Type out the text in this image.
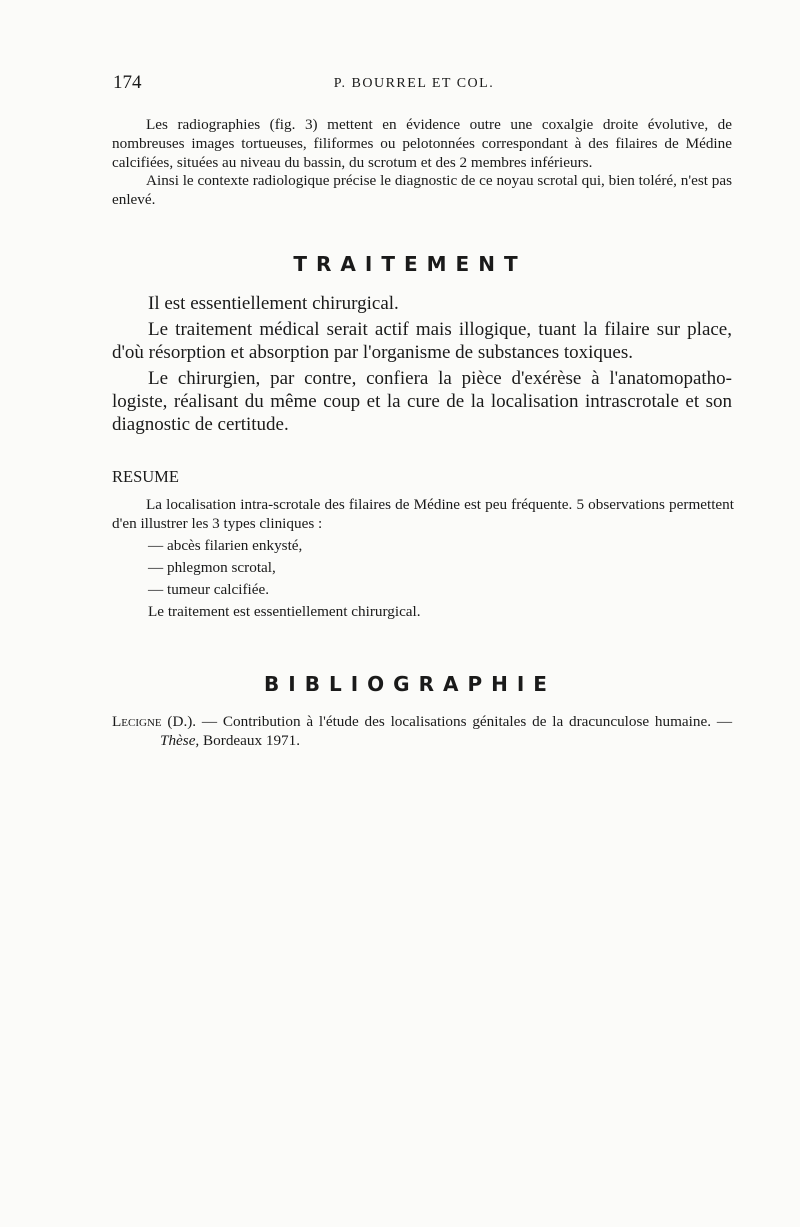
174	P. BOURREL ET COL.

Les radiographies (fig. 3) mettent en évidence outre une coxalgie droite évolutive, de nombreuses images tortueuses, filiformes ou pelotonnées correspondant à des filaires de Médine calcifiées, situées au niveau du bassin, du scrotum et des 2 membres inférieurs.

Ainsi le contexte radiologique précise le diagnostic de ce noyau scrotal qui, bien toléré, n'est pas enlevé.

TRAITEMENT

Il est essentiellement chirurgical.

Le traitement médical serait actif mais illogique, tuant la filaire sur place, d'où résorption et absorption par l'organisme de substances toxiques.

Le chirurgien, par contre, confiera la pièce d'exérèse à l'anatomopatho-logiste, réalisant du même coup et la cure de la localisation intrascrotale et son diagnostic de certitude.

RESUME

La localisation intra-scrotale des filaires de Médine est peu fréquente. 5 observations permettent d'en illustrer les 3 types cliniques :

— abcès filarien enkysté,

— phlegmon scrotal,

— tumeur calcifiée.

Le traitement est essentiellement chirurgical.

BIBLIOGRAPHIE

Lecigne (D.). — Contribution à l'étude des localisations génitales de la dracunculose humaine. — Thèse, Bordeaux 1971.
